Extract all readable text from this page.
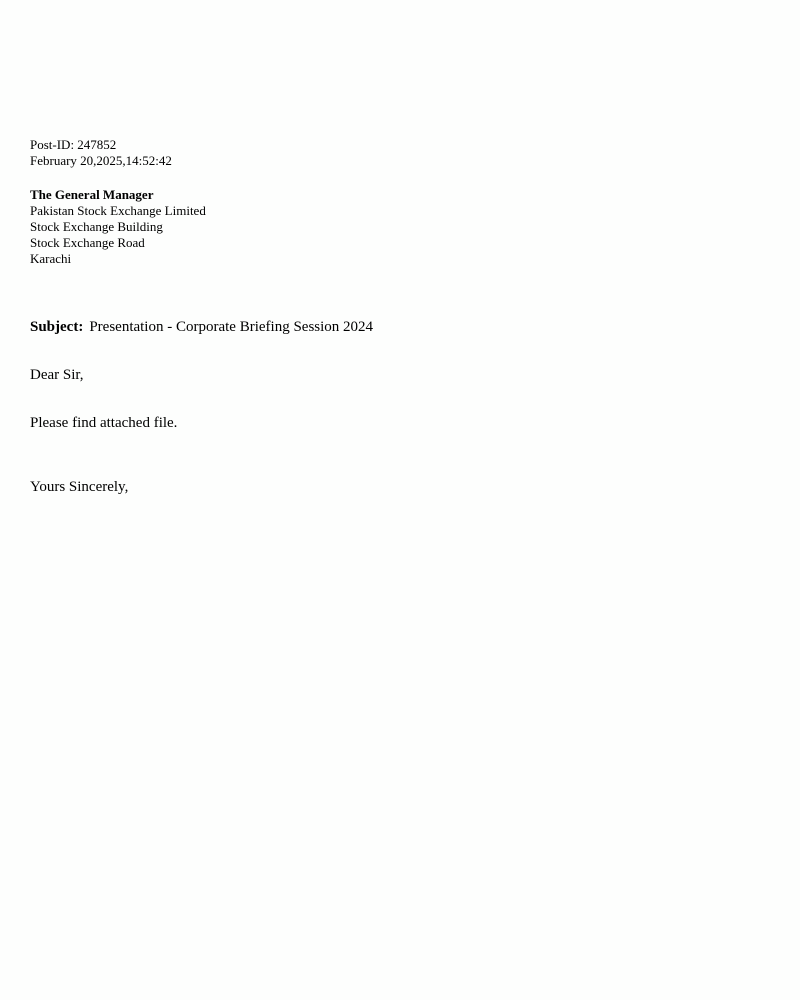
Post-ID: 247852
February 20,2025,14:52:42
The General Manager
Pakistan Stock Exchange Limited
Stock Exchange Building
Stock Exchange Road
Karachi
Subject: Presentation - Corporate Briefing Session 2024
Dear Sir,
Please find attached file.
Yours Sincerely,
